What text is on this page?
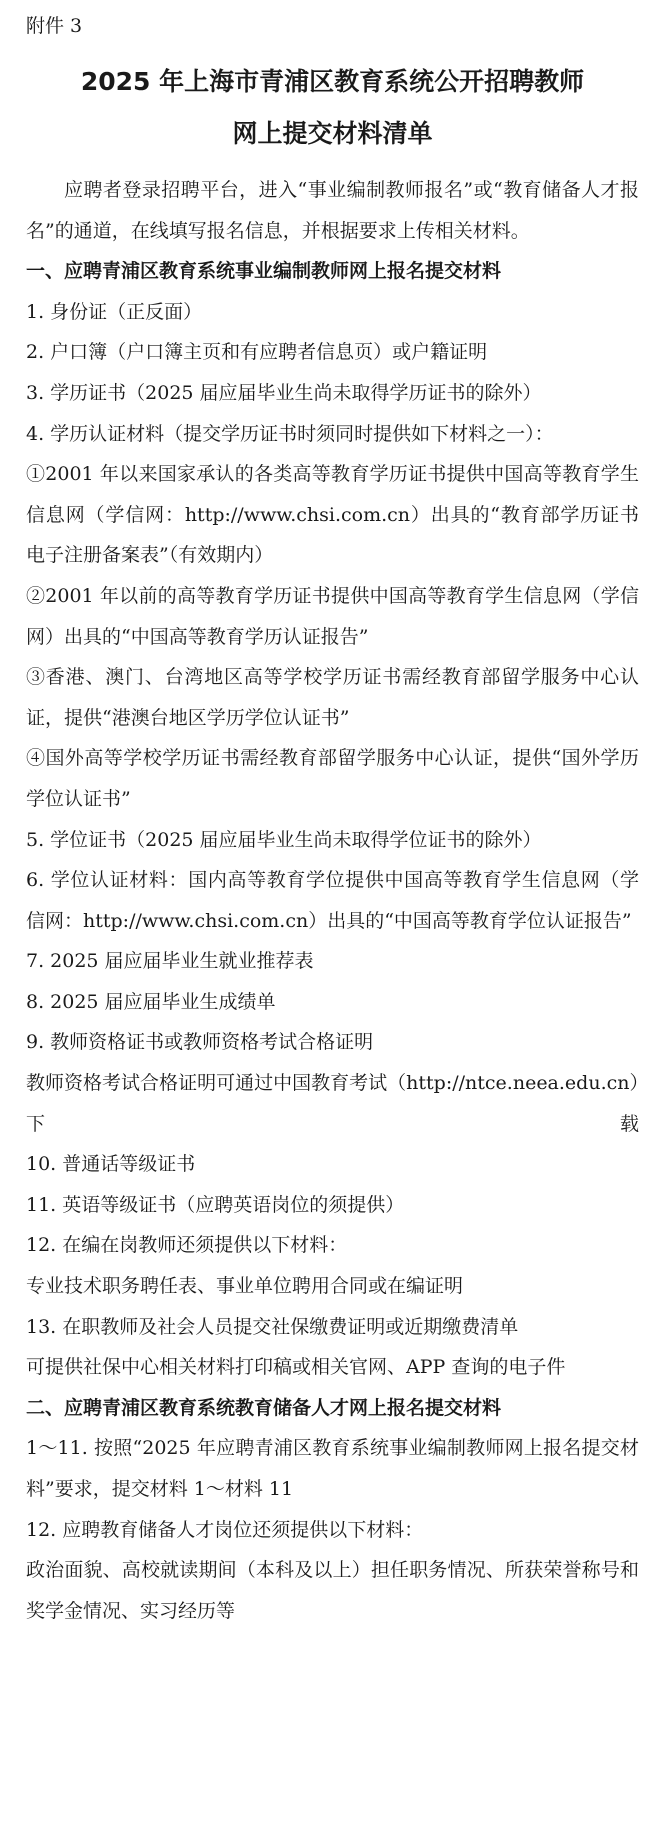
附件 3
2025 年上海市青浦区教育系统公开招聘教师
网上提交材料清单

应聘者登录招聘平台，进入“事业编制教师报名”或“教育储备人才报名”的通道，在线填写报名信息，并根据要求上传相关材料。

一、应聘青浦区教育系统事业编制教师网上报名提交材料

1. 身份证（正反面）

2. 户口簿（户口簿主页和有应聘者信息页）或户籍证明

3. 学历证书（2025 届应届毕业生尚未取得学历证书的除外）

4. 学历认证材料（提交学历证书时须同时提供如下材料之一）：

①2001 年以来国家承认的各类高等教育学历证书提供中国高等教育学生信息网（学信网：http://www.chsi.com.cn）出具的“教育部学历证书电子注册备案表”（有效期内）

②2001 年以前的高等教育学历证书提供中国高等教育学生信息网（学信网）出具的“中国高等教育学历认证报告”

③香港、澳门、台湾地区高等学校学历证书需经教育部留学服务中心认证，提供“港澳台地区学历学位认证书”

④国外高等学校学历证书需经教育部留学服务中心认证，提供“国外学历学位认证书”

5. 学位证书（2025 届应届毕业生尚未取得学位证书的除外）

6. 学位认证材料：国内高等教育学位提供中国高等教育学生信息网（学信网：http://www.chsi.com.cn）出具的“中国高等教育学位认证报告”

7. 2025 届应届毕业生就业推荐表

8. 2025 届应届毕业生成绩单

9. 教师资格证书或教师资格考试合格证明

教师资格考试合格证明可通过中国教育考试（http://ntce.neea.edu.cn）下载

10. 普通话等级证书

11. 英语等级证书（应聘英语岗位的须提供）

12. 在编在岗教师还须提供以下材料：

专业技术职务聘任表、事业单位聘用合同或在编证明

13. 在职教师及社会人员提交社保缴费证明或近期缴费清单

可提供社保中心相关材料打印稿或相关官网、APP 查询的电子件

二、应聘青浦区教育系统教育储备人才网上报名提交材料

1～11. 按照“2025 年应聘青浦区教育系统事业编制教师网上报名提交材料”要求，提交材料 1～材料 11

12. 应聘教育储备人才岗位还须提供以下材料：

政治面貌、高校就读期间（本科及以上）担任职务情况、所获荣誉称号和奖学金情况、实习经历等
